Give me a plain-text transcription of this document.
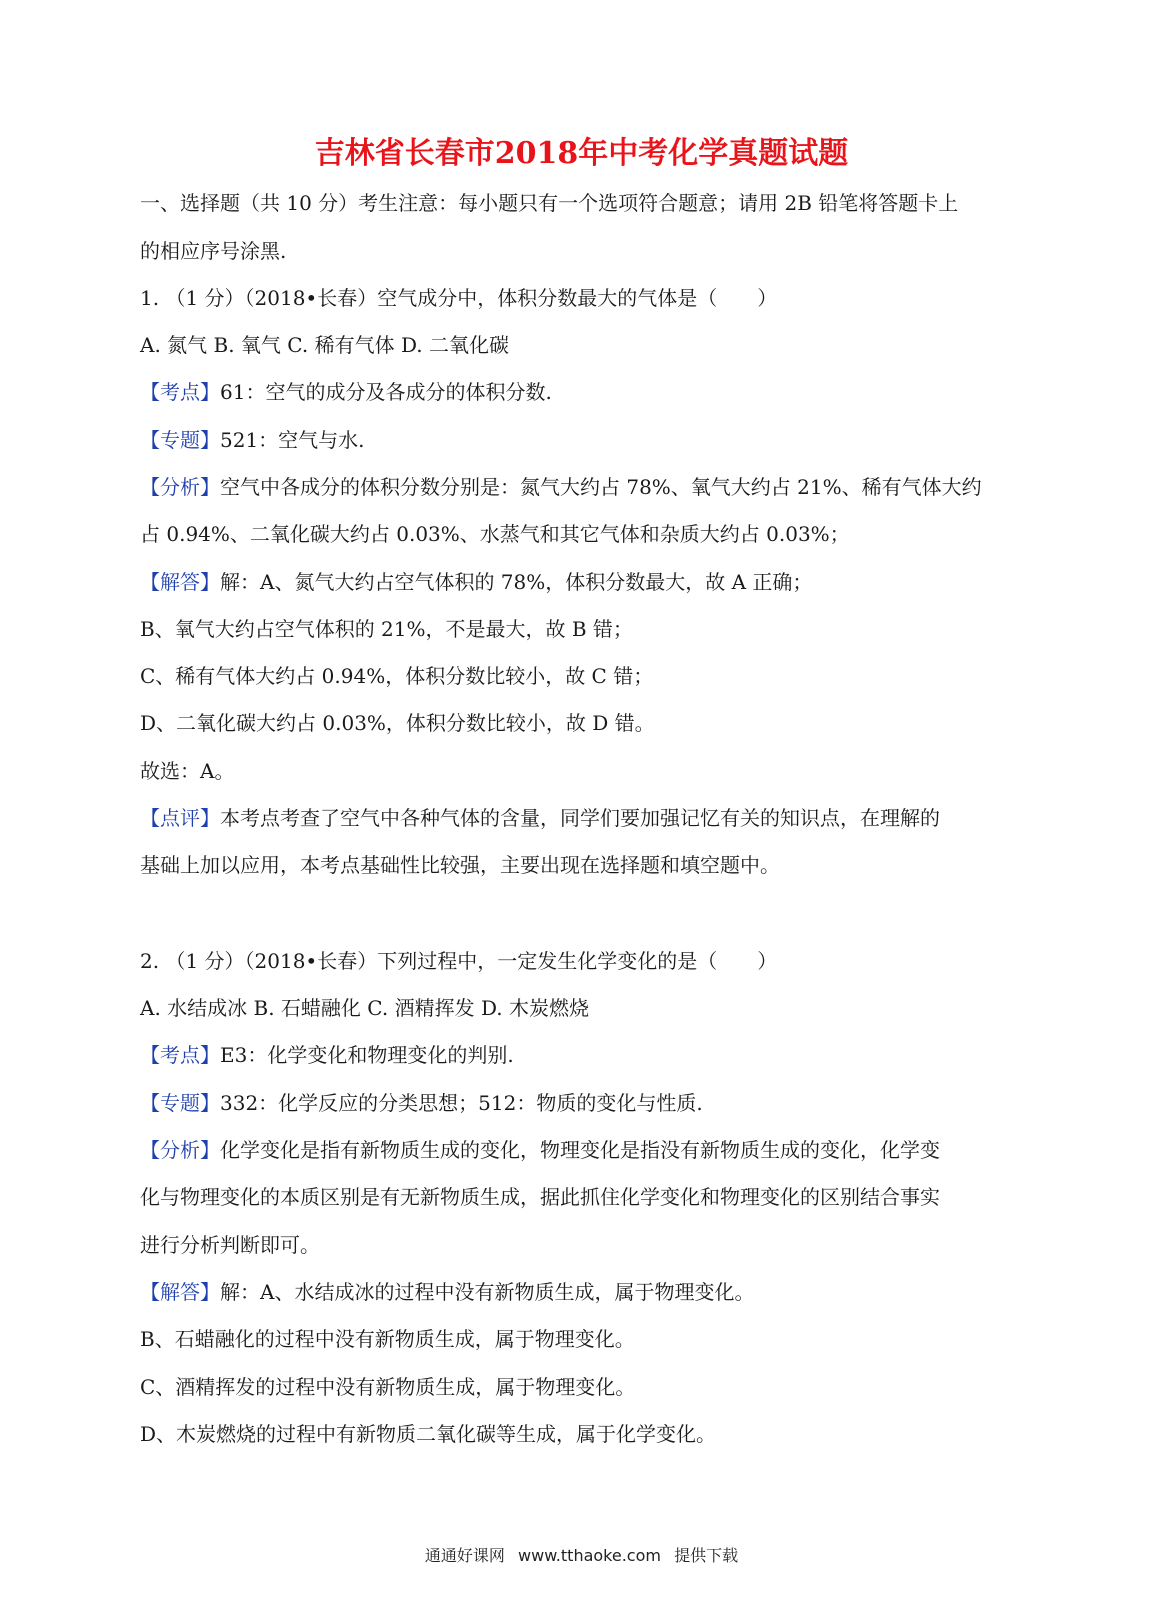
吉林省长春市2018年中考化学真题试题
一、选择题（共 10 分）考生注意：每小题只有一个选项符合题意；请用 2B 铅笔将答题卡上
的相应序号涂黑.
1. （1 分）（2018•长春）空气成分中，体积分数最大的气体是（　　）
A. 氮气 B. 氧气 C. 稀有气体 D. 二氧化碳
【考点】61：空气的成分及各成分的体积分数.
【专题】521：空气与水.
【分析】空气中各成分的体积分数分别是：氮气大约占 78%、氧气大约占 21%、稀有气体大约
占 0.94%、二氧化碳大约占 0.03%、水蒸气和其它气体和杂质大约占 0.03%；
【解答】解：A、氮气大约占空气体积的 78%，体积分数最大，故 A 正确；
B、氧气大约占空气体积的 21%，不是最大，故 B 错；
C、稀有气体大约占 0.94%，体积分数比较小，故 C 错；
D、二氧化碳大约占 0.03%，体积分数比较小，故 D 错。
故选：A。
【点评】本考点考查了空气中各种气体的含量，同学们要加强记忆有关的知识点，在理解的
基础上加以应用，本考点基础性比较强，主要出现在选择题和填空题中。
2. （1 分）（2018•长春）下列过程中，一定发生化学变化的是（　　）
A. 水结成冰 B. 石蜡融化 C. 酒精挥发 D. 木炭燃烧
【考点】E3：化学变化和物理变化的判别.
【专题】332：化学反应的分类思想；512：物质的变化与性质.
【分析】化学变化是指有新物质生成的变化，物理变化是指没有新物质生成的变化，化学变
化与物理变化的本质区别是有无新物质生成，据此抓住化学变化和物理变化的区别结合事实
进行分析判断即可。
【解答】解：A、水结成冰的过程中没有新物质生成，属于物理变化。
B、石蜡融化的过程中没有新物质生成，属于物理变化。
C、酒精挥发的过程中没有新物质生成，属于物理变化。
D、木炭燃烧的过程中有新物质二氧化碳等生成，属于化学变化。
通通好课网 www.tthaoke.com 提供下载
